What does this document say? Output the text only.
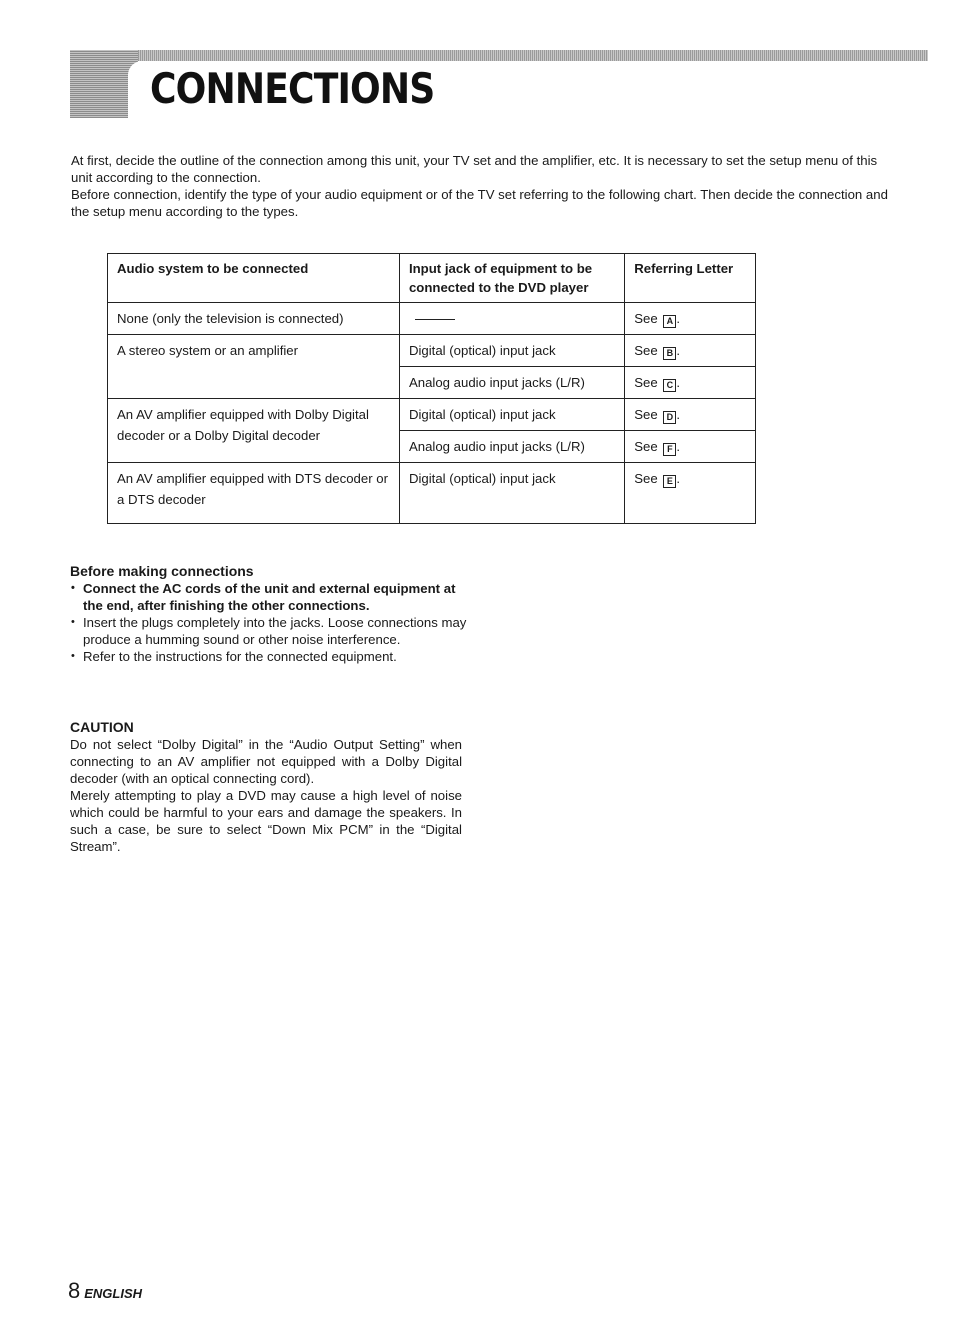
CONNECTIONS

At first, decide the outline of the connection among this unit, your TV set and the amplifier, etc. It is necessary to set the setup menu of this unit according to the connection.

Before connection, identify the type of your audio equipment or of the TV set referring to the following chart. Then decide the connection and the setup menu according to the types.

Audio system to be connected	Input jack of equipment to be connected to the DVD player	Referring Letter
None (only the television is connected)		See A .
A stereo system or an amplifier	Digital (optical) input jack	See B .
	Analog audio input jacks (L/R)	See C .
An AV amplifier equipped with Dolby Digital decoder or a Dolby Digital decoder	Digital (optical) input jack	See D .
	Analog audio input jacks (L/R)	See F .
An AV amplifier equipped with DTS decoder or a DTS decoder	Digital (optical) input jack	See E .
Before making connections
• Connect the AC cords of the unit and external equipment at the end, after finishing the other connections.
• Insert the plugs completely into the jacks. Loose connections may produce a humming sound or other noise interference.
• Refer to the instructions for the connected equipment.
CAUTION

Do not select “Dolby Digital” in the “Audio Output Setting” when connecting to an AV amplifier not equipped with a Dolby Digital decoder (with an optical connecting cord).

Merely attempting to play a DVD may cause a high level of noise which could be harmful to your ears and damage the speakers. In such a case, be sure to select “Down Mix PCM” in the “Digital Stream”.

8 ENGLISH
